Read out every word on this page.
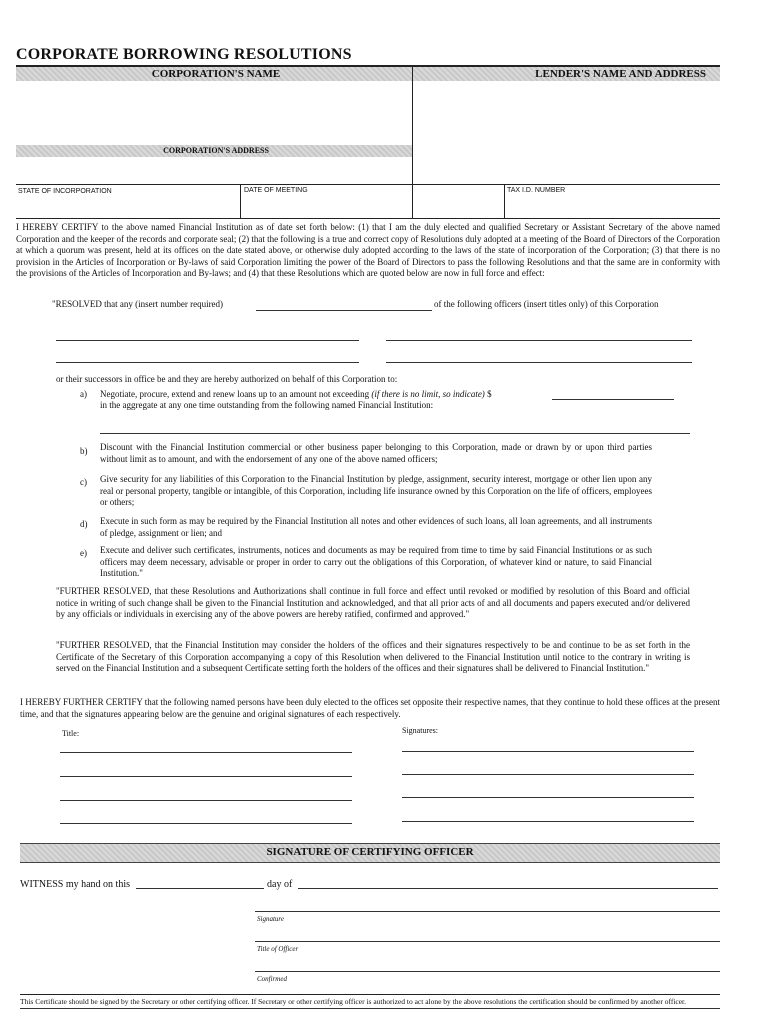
CORPORATE BORROWING RESOLUTIONS
CORPORATION'S NAME	LENDER'S NAME AND ADDRESS
CORPORATION'S ADDRESS
STATE OF INCORPORATION	DATE OF MEETING	TAX I.D. NUMBER
I HEREBY CERTIFY to the above named Financial Institution as of date set forth below: (1) that I am the duly elected and qualified Secretary or Assistant Secretary of the above named Corporation and the keeper of the records and corporate seal; (2) that the following is a true and correct copy of Resolutions duly adopted at a meeting of the Board of Directors of the Corporation at which a quorum was present, held at its offices on the date stated above, or otherwise duly adopted according to the laws of the state of incorporation of the Corporation; (3) that there is no provision in the Articles of Incorporation or By-laws of said Corporation limiting the power of the Board of Directors to pass the following Resolutions and that the same are in conformity with the provisions of the Articles of Incorporation and By-laws; and (4) that these Resolutions which are quoted below are now in full force and effect:
"RESOLVED that any (insert number required)	of the following officers (insert titles only) of this Corporation
or their successors in office be and they are hereby authorized on behalf of this Corporation to:
a) Negotiate, procure, extend and renew loans up to an amount not exceeding (if there is no limit, so indicate) $
in the aggregate at any one time outstanding from the following named Financial Institution:
b) Discount with the Financial Institution commercial or other business paper belonging to this Corporation, made or drawn by or upon third parties without limit as to amount, and with the endorsement of any one of the above named officers;
c) Give security for any liabilities of this Corporation to the Financial Institution by pledge, assignment, security interest, mortgage or other lien upon any real or personal property, tangible or intangible, of this Corporation, including life insurance owned by this Corporation on the life of officers, employees or others;
d) Execute in such form as may be required by the Financial Institution all notes and other evidences of such loans, all loan agreements, and all instruments of pledge, assignment or lien; and
e) Execute and deliver such certificates, instruments, notices and documents as may be required from time to time by said Financial Institutions or as such officers may deem necessary, advisable or proper in order to carry out the obligations of this Corporation, of whatever kind or nature, to said Financial Institution."
"FURTHER RESOLVED, that these Resolutions and Authorizations shall continue in full force and effect until revoked or modified by resolution of this Board and official notice in writing of such change shall be given to the Financial Institution and acknowledged, and that all prior acts of and all documents and papers executed and/or delivered by any officials or individuals in exercising any of the above powers are hereby ratified, confirmed and approved."
"FURTHER RESOLVED, that the Financial Institution may consider the holders of the offices and their signatures respectively to be and continue to be as set forth in the Certificate of the Secretary of this Corporation accompanying a copy of this Resolution when delivered to the Financial Institution until notice to the contrary in writing is served on the Financial Institution and a subsequent Certificate setting forth the holders of the offices and their signatures shall be delivered to Financial Institution."
I HEREBY FURTHER CERTIFY that the following named persons have been duly elected to the offices set opposite their respective names, that they continue to hold these offices at the present time, and that the signatures appearing below are the genuine and original signatures of each respectively.
Title:	Signatures:
SIGNATURE OF CERTIFYING OFFICER
WITNESS my hand on this	day of
Signature
Title of Officer
Confirmed
This Certificate should be signed by the Secretary or other certifying officer. If Secretary or other certifying officer is authorized to act alone by the above resolutions the certification should be confirmed by another officer.
